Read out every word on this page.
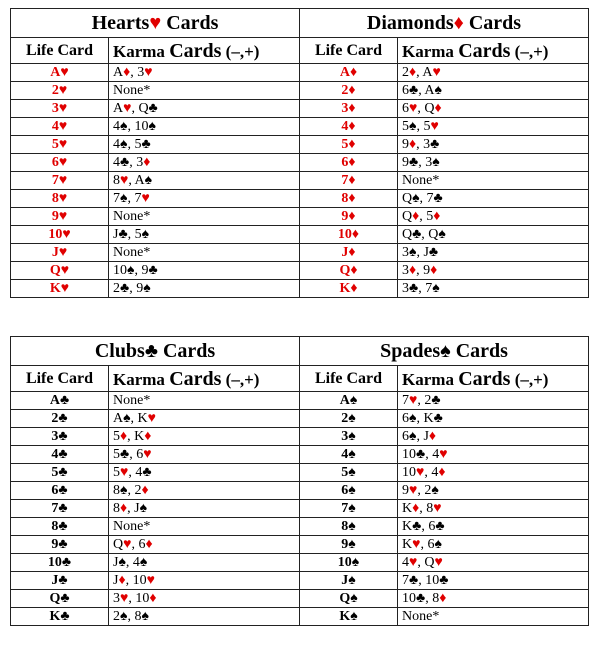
Hearts♥ Cards		Diamonds♦ Cards	
Life Card	Karma Cards (–,+)	Life Card	Karma Cards (–,+)
A♥	A♦, 3♥	A♦	2♦, A♥
2♥	None*	2♦	6♣, A♠
3♥	A♥, Q♣	3♦	6♥, Q♦
4♥	4♠, 10♠	4♦	5♠, 5♥
5♥	4♠, 5♣	5♦	9♦, 3♣
6♥	4♣, 3♦	6♦	9♣, 3♠
7♥	8♥, A♠	7♦	None*
8♥	7♠, 7♥	8♦	Q♠, 7♣
9♥	None*	9♦	Q♦, 5♦
10♥	J♣, 5♠	10♦	Q♣, Q♠
J♥	None*	J♦	3♠, J♣
Q♥	10♠, 9♣	Q♦	3♦, 9♦
K♥	2♣, 9♠	K♦	3♣, 7♠
Clubs♣ Cards		Spades♠ Cards	
Life Card	Karma Cards (–,+)	Life Card	Karma Cards (–,+)
A♣	None*	A♠	7♥, 2♣
2♣	A♠, K♥	2♠	6♠, K♣
3♣	5♦, K♦	3♠	6♠, J♦
4♣	5♣, 6♥	4♠	10♣, 4♥
5♣	5♥, 4♣	5♠	10♥, 4♦
6♣	8♠, 2♦	6♠	9♥, 2♠
7♣	8♦, J♠	7♠	K♦, 8♥
8♣	None*	8♠	K♣, 6♣
9♣	Q♥, 6♦	9♠	K♥, 6♠
10♣	J♠, 4♠	10♠	4♥, Q♥
J♣	J♦, 10♥	J♠	7♣, 10♣
Q♣	3♥, 10♦	Q♠	10♣, 8♦
K♣	2♠, 8♠	K♠	None*
